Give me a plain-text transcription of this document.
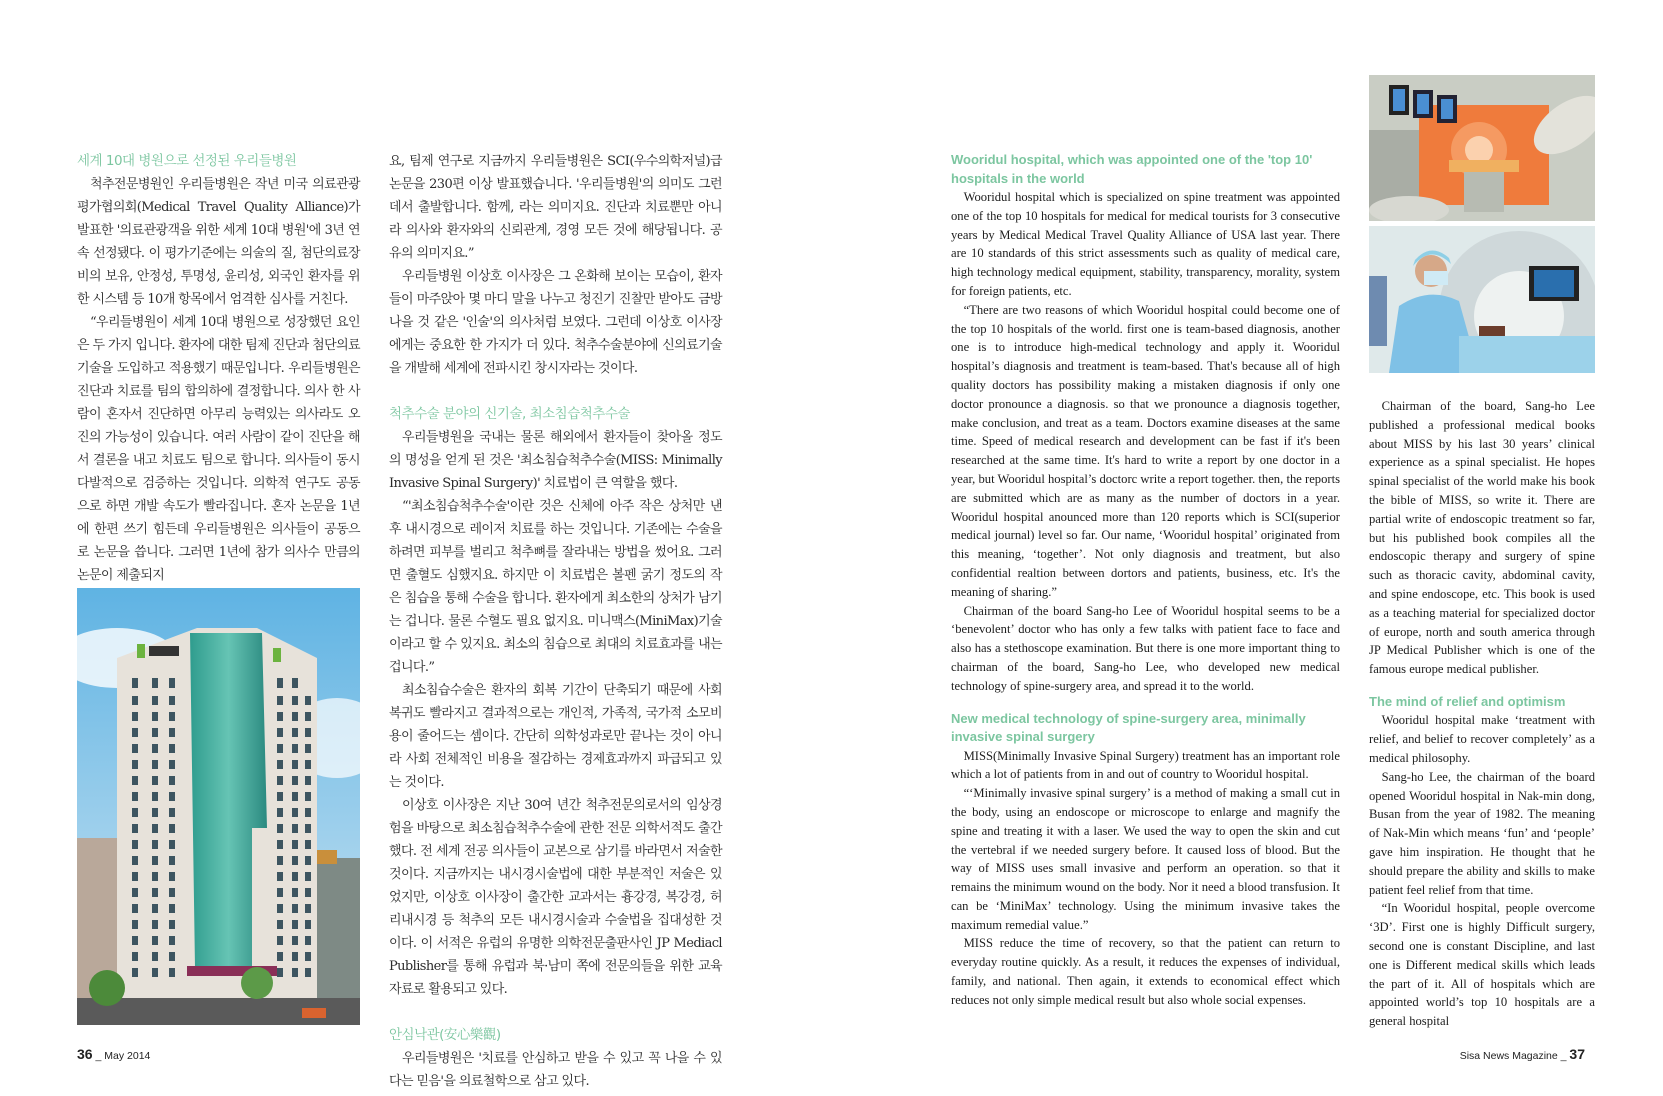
세계 10대 병원으로 선정된 우리들병원

척추전문병원인 우리들병원은 작년 미국 의료관광평가협의회(Medical Travel Quality Alliance)가 발표한 '의료관광객을 위한 세계 10대 병원'에 3년 연속 선정됐다. 이 평가기준에는 의술의 질, 첨단의료장비의 보유, 안정성, 투명성, 윤리성, 외국인 환자를 위한 시스템 등 10개 항목에서 엄격한 심사를 거친다.

“우리들병원이 세계 10대 병원으로 성장했던 요인은 두 가지 입니다. 환자에 대한 팀제 진단과 첨단의료기술을 도입하고 적용했기 때문입니다. 우리들병원은 진단과 치료를 팀의 합의하에 결정합니다. 의사 한 사람이 혼자서 진단하면 아무리 능력있는 의사라도 오진의 가능성이 있습니다. 여러 사람이 같이 진단을 해서 결론을 내고 치료도 팀으로 합니다. 의사들이 동시다발적으로 검증하는 것입니다. 의학적 연구도 공동으로 하면 개발 속도가 빨라집니다. 혼자 논문을 1년에 한편 쓰기 힘든데 우리들병원은 의사들이 공동으로 논문을 씁니다. 그러면 1년에 참가 의사수 만큼의 논문이 제출되지

요, 팀제 연구로 지금까지 우리들병원은 SCI(우수의학저널)급 논문을 230편 이상 발표했습니다. '우리들병원'의 의미도 그런데서 출발합니다. 함께, 라는 의미지요. 진단과 치료뿐만 아니라 의사와 환자와의 신뢰관계, 경영 모든 것에 해당됩니다. 공유의 의미지요.”

우리들병원 이상호 이사장은 그 온화해 보이는 모습이, 환자들이 마주앉아 몇 마디 말을 나누고 청진기 진찰만 받아도 금방 나을 것 같은 '인술'의 의사처럼 보였다. 그런데 이상호 이사장에게는 중요한 한 가지가 더 있다. 척추수술분야에 신의료기술을 개발해 세계에 전파시킨 창시자라는 것이다.

척추수술 분야의 신기술, 최소침습척추수술

우리들병원을 국내는 물론 해외에서 환자들이 찾아올 정도의 명성을 얻게 된 것은 '최소침습척추수술(MISS: Minimally Invasive Spinal Surgery)' 치료법이 큰 역할을 했다.

“'최소침습척추수술'이란 것은 신체에 아주 작은 상처만 낸 후 내시경으로 레이저 치료를 하는 것입니다. 기존에는 수술을 하려면 피부를 벌리고 척추뼈를 잘라내는 방법을 썼어요. 그러면 출혈도 심했지요. 하지만 이 치료법은 볼펜 굵기 정도의 작은 침습을 통해 수술을 합니다. 환자에게 최소한의 상처가 남기는 겁니다. 물론 수혈도 필요 없지요. 미니맥스(MiniMax)기술이라고 할 수 있지요. 최소의 침습으로 최대의 치료효과를 내는 겁니다.”

최소침습수술은 환자의 회복 기간이 단축되기 때문에 사회복귀도 빨라지고 결과적으로는 개인적, 가족적, 국가적 소모비용이 줄어드는 셈이다. 간단히 의학성과로만 끝나는 것이 아니라 사회 전체적인 비용을 절감하는 경제효과까지 파급되고 있는 것이다.

이상호 이사장은 지난 30여 년간 척추전문의로서의 임상경험을 바탕으로 최소침습척추수술에 관한 전문 의학서적도 출간했다. 전 세계 전공 의사들이 교본으로 삼기를 바라면서 저술한 것이다. 지금까지는 내시경시술법에 대한 부분적인 저술은 있었지만, 이상호 이사장이 출간한 교과서는 흉강경, 복강경, 허리내시경 등 척추의 모든 내시경시술과 수술법을 집대성한 것이다. 이 서적은 유럽의 유명한 의학전문출판사인 JP Mediacl Publisher를 통해 유럽과 북·남미 쪽에 전문의들을 위한 교육자료로 활용되고 있다.

안심낙관(安心樂觀)

우리들병원은 '치료를 안심하고 받을 수 있고 꼭 나을 수 있다는 믿음'을 의료철학으로 삼고 있다.

36 _ May 2014
Wooridul hospital, which was appointed one of the 'top 10' hospitals in the world

Wooridul hospital which is specialized on spine treatment was appointed one of the top 10 hospitals for medical for medical tourists for 3 consecutive years by Medical Medical Travel Quality Alliance of USA last year. There are 10 standards of this strict assessments such as quality of medical care, high technology medical equipment, stability, transparency, morality, system for foreign patients, etc.

“There are two reasons of which Wooridul hospital could become one of the top 10 hospitals of the world. first one is team-based diagnosis, another one is to introduce high-medical technology and apply it. Wooridul hospital’s diagnosis and treatment is team-based. That's because all of high quality doctors has possibility making a mistaken diagnosis if only one doctor pronounce a diagnosis. so that we pronounce a diagnosis together, make conclusion, and treat as a team. Doctors examine diseases at the same time. Speed of medical research and development can be fast if it's been researched at the same time. It's hard to write a report by one doctor in a year, but Wooridul hospital’s doctorc write a report together. then, the reports are submitted which are as many as the number of doctors in a year. Wooridul hospital anounced more than 120 reports which is SCI(superior medical journal) level so far. Our name, ‘Wooridul hospital’ originated from this meaning, ‘together’. Not only diagnosis and treatment, but also confidential realtion between dortors and patients, business, etc. It's the meaning of sharing.”

Chairman of the board Sang-ho Lee of Wooridul hospital seems to be a ‘benevolent’ doctor who has only a few talks with patient face to face and also has a stethoscope examination. But there is one more important thing to chairman of the board, Sang-ho Lee, who developed new medical technology of spine-surgery area, and spread it to the world.

New medical technology of spine-surgery area, minimally invasive spinal surgery

MISS(Minimally Invasive Spinal Surgery) treatment has an important role which a lot of patients from in and out of country to Wooridul hospital.

“‘Minimally invasive spinal surgery’ is a method of making a small cut in the body, using an endoscope or microscope to enlarge and magnify the spine and treating it with a laser. We used the way to open the skin and cut the vertebral if we needed surgery before. It caused loss of blood. But the way of MISS uses small invasive and perform an operation. so that it remains the minimum wound on the body. Nor it need a blood transfusion. It can be ‘MiniMax’ technology. Using the minimum invasive takes the maximum remedial value.”

MISS reduce the time of recovery, so that the patient can return to everyday routine quickly. As a result, it reduces the expenses of individual, family, and national. Then again, it extends to economical effect which reduces not only simple medical result but also whole social expenses.

Chairman of the board, Sang-ho Lee published a professional medical books about MISS by his last 30 years’ clinical experience as a spinal specialist. He hopes spinal specialist of the world make his book the bible of MISS, so write it. There are partial write of endoscopic treatment so far, but his published book compiles all the endoscopic therapy and surgery of spine such as thoracic cavity, abdominal cavity, and spine endoscope, etc. This book is used as a teaching material for specialized doctor of europe, north and south america through JP Medical Publisher which is one of the famous europe medical publisher.

The mind of relief and optimism

Wooridul hospital make ‘treatment with relief, and belief to recover completely’ as a medical philosophy.

Sang-ho Lee, the chairman of the board opened Wooridul hospital in Nak-min dong, Busan from the year of 1982. The meaning of Nak-Min which means ‘fun’ and ‘people’ gave him inspiration. He thought that he should prepare the ability and skills to make patient feel relief from that time.

“In Wooridul hospital, people overcome ‘3D’. First one is highly Difficult surgery, second one is constant Discipline, and last one is Different medical skills which leads the part of it. All of hospitals which are appointed world’s top 10 hospitals are a general hospital

Sisa News Magazine _ 37
